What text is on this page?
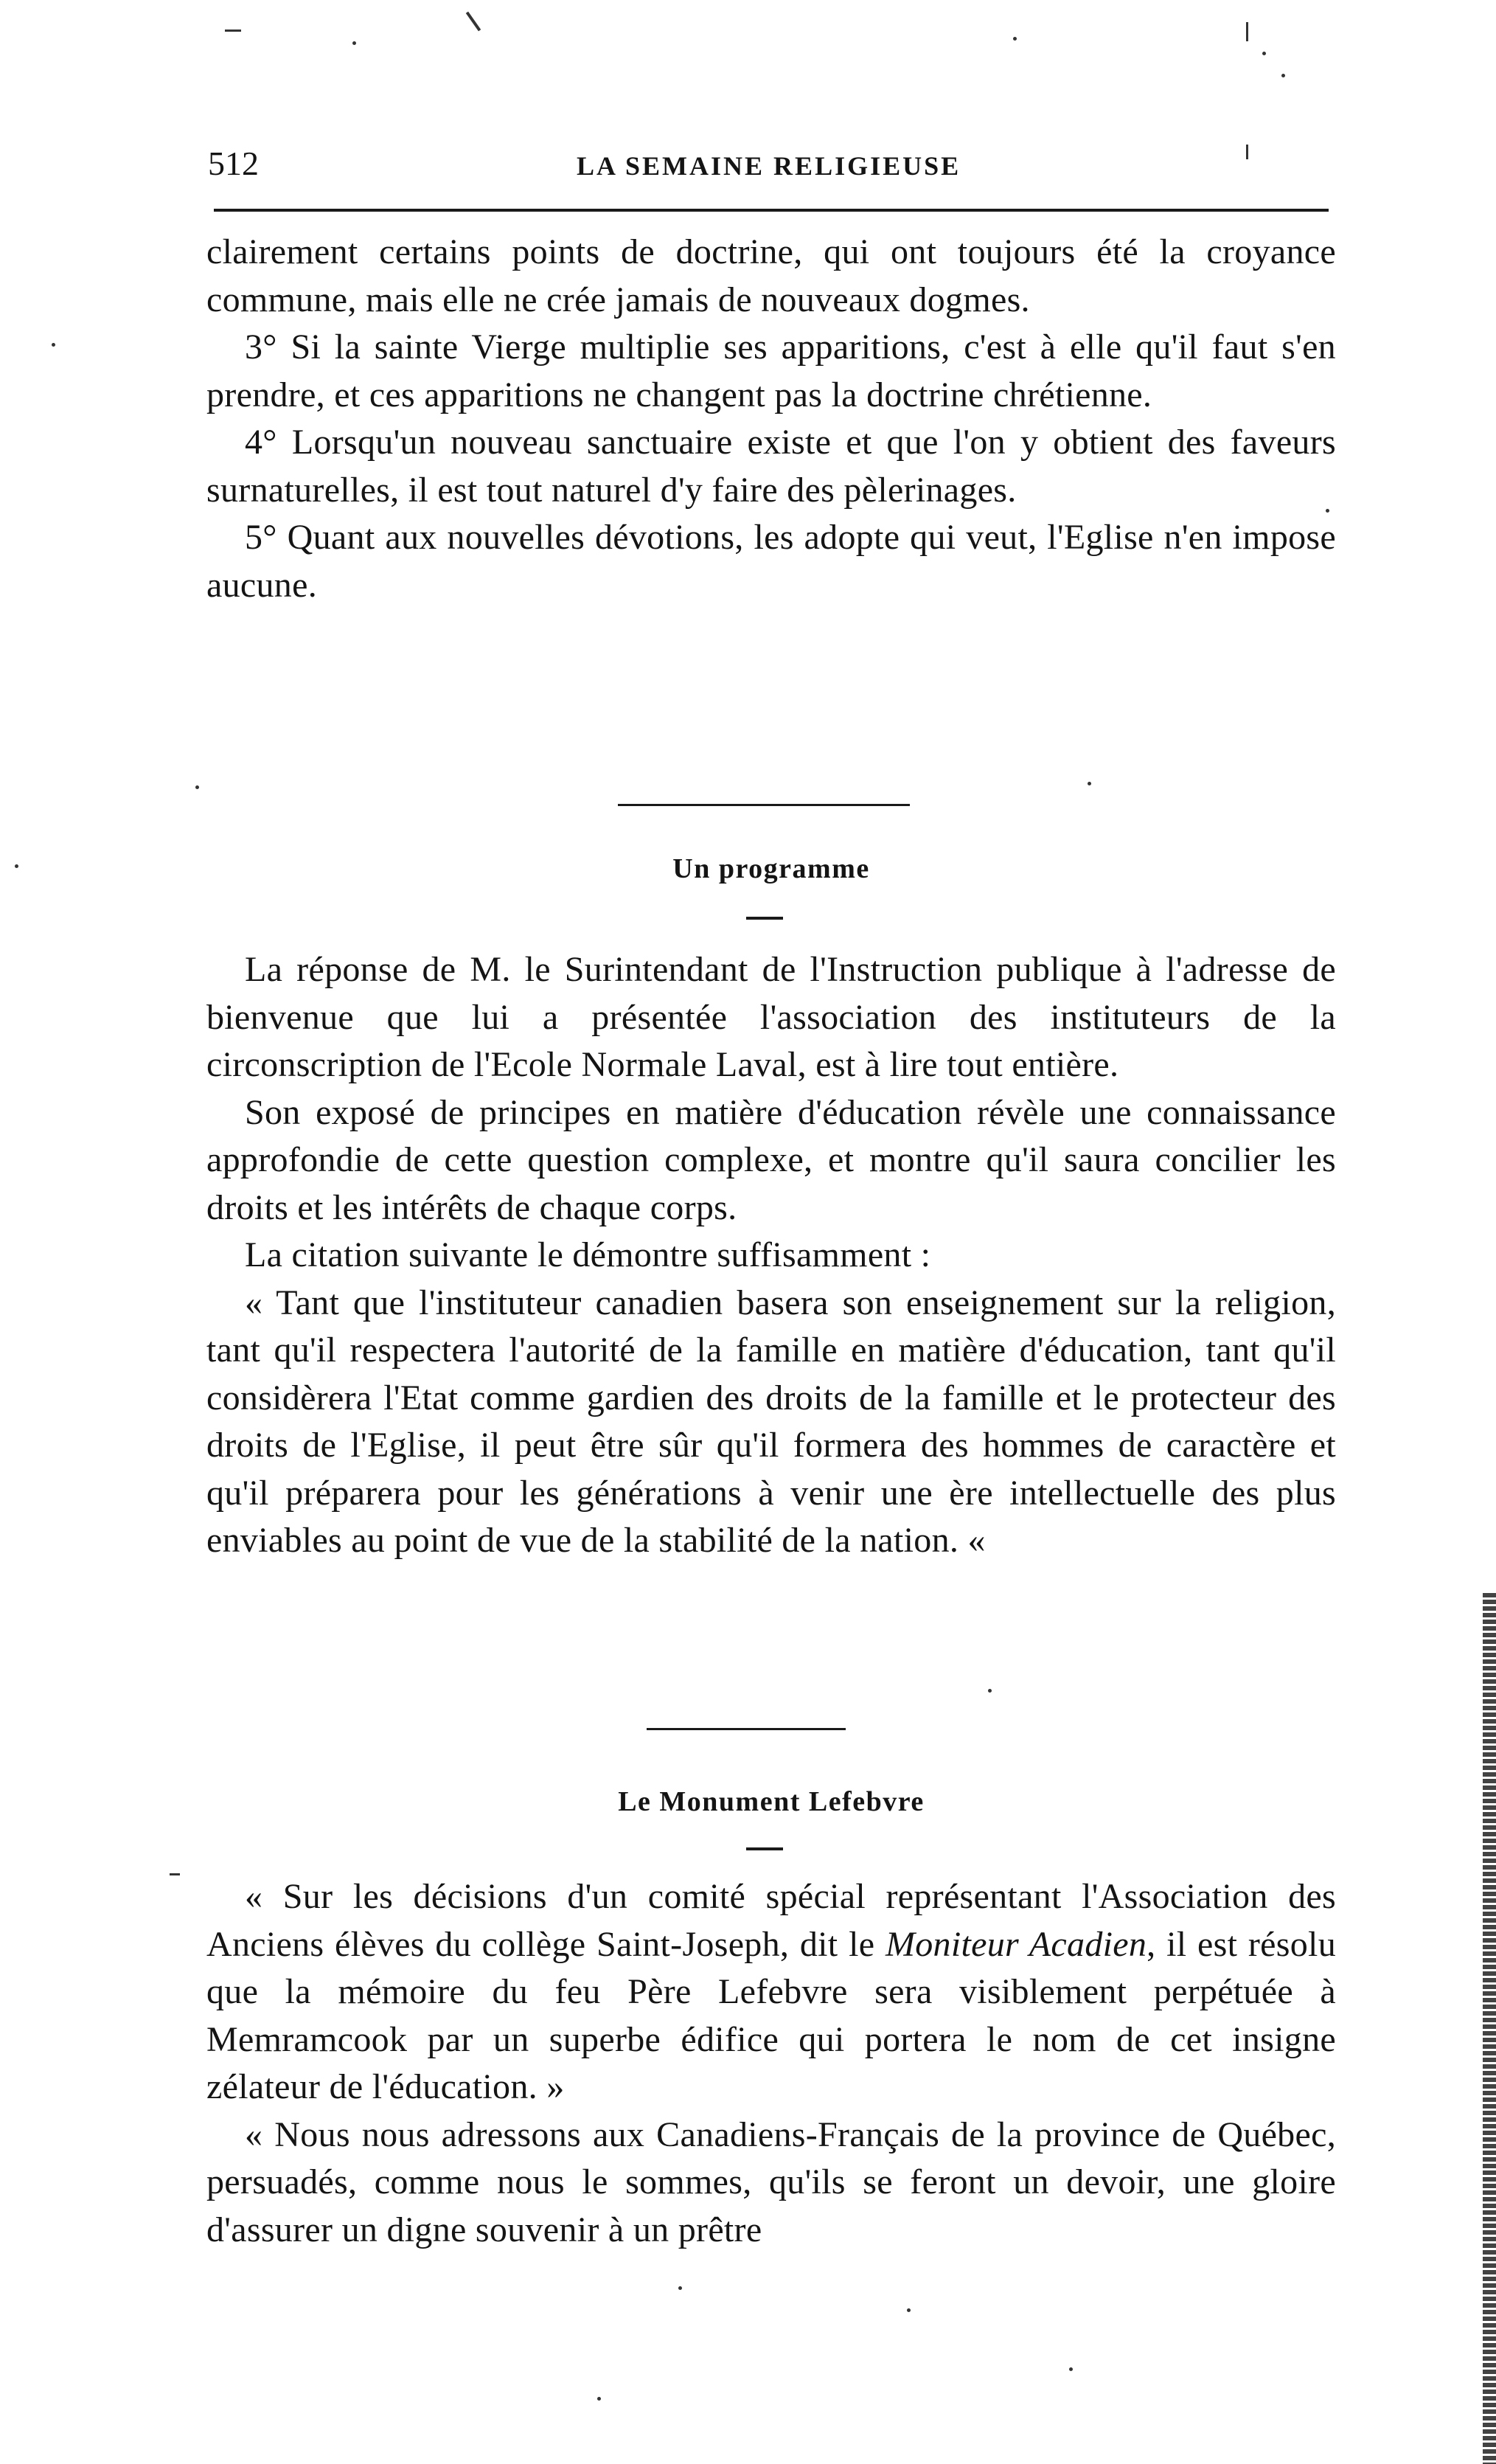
512	LA SEMAINE RELIGIEUSE

clairement certains points de doctrine, qui ont toujours été la croyance commune, mais elle ne crée jamais de nouveaux dogmes.

3° Si la sainte Vierge multiplie ses apparitions, c'est à elle qu'il faut s'en prendre, et ces apparitions ne changent pas la doctrine chrétienne.

4° Lorsqu'un nouveau sanctuaire existe et que l'on y obtient des faveurs surnaturelles, il est tout naturel d'y faire des pèlerinages.

5° Quant aux nouvelles dévotions, les adopte qui veut, l'Eglise n'en impose aucune.

Un programme

La réponse de M. le Surintendant de l'Instruction publique à l'adresse de bienvenue que lui a présentée l'association des instituteurs de la circonscription de l'Ecole Normale Laval, est à lire tout entière.

Son exposé de principes en matière d'éducation révèle une connaissance approfondie de cette question complexe, et montre qu'il saura concilier les droits et les intérêts de chaque corps.

La citation suivante le démontre suffisamment :

« Tant que l'instituteur canadien basera son enseignement sur la religion, tant qu'il respectera l'autorité de la famille en matière d'éducation, tant qu'il considèrera l'Etat comme gardien des droits de la famille et le protecteur des droits de l'Eglise, il peut être sûr qu'il formera des hommes de caractère et qu'il préparera pour les générations à venir une ère intellectuelle des plus enviables au point de vue de la stabilité de la nation. «

Le Monument Lefebvre

« Sur les décisions d'un comité spécial représentant l'Association des Anciens élèves du collège Saint-Joseph, dit le Moniteur Acadien, il est résolu que la mémoire du feu Père Lefebvre sera visiblement perpétuée à Memramcook par un superbe édifice qui portera le nom de cet insigne zélateur de l'éducation. »

« Nous nous adressons aux Canadiens-Français de la province de Québec, persuadés, comme nous le sommes, qu'ils se feront un devoir, une gloire d'assurer un digne souvenir à un prêtre
